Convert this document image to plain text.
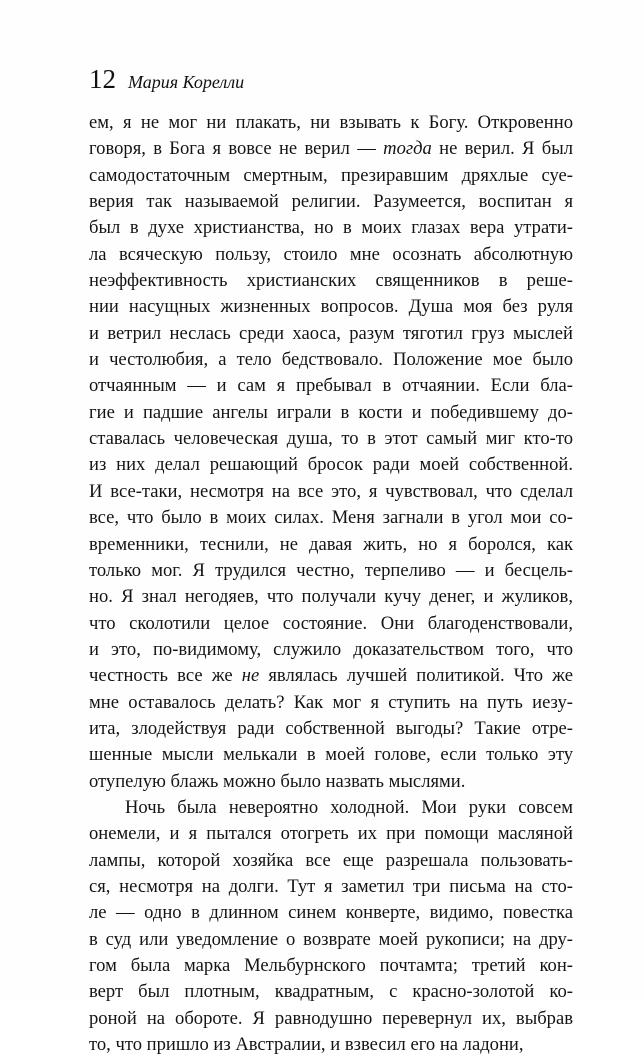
12 Мария Корелли
ем, я не мог ни плакать, ни взывать к Богу. Откровенно
говоря, в Бога я вовсе не верил — тогда не верил. Я был
самодостаточным смертным, презиравшим дряхлые суе-
верия так называемой религии. Разумеется, воспитан я
был в духе христианства, но в моих глазах вера утрати-
ла всяческую пользу, стоило мне осознать абсолютную
неэффективность христианских священников в реше-
нии насущных жизненных вопросов. Душа моя без руля
и ветрил неслась среди хаоса, разум тяготил груз мыслей
и честолюбия, а тело бедствовало. Положение мое было
отчаянным — и сам я пребывал в отчаянии. Если бла-
гие и падшие ангелы играли в кости и победившему до-
ставалась человеческая душа, то в этот самый миг кто-то
из них делал решающий бросок ради моей собственной.
И все-таки, несмотря на все это, я чувствовал, что сделал
все, что было в моих силах. Меня загнали в угол мои со-
временники, теснили, не давая жить, но я боролся, как
только мог. Я трудился честно, терпеливо — и бесцель-
но. Я знал негодяев, что получали кучу денег, и жуликов,
что сколотили целое состояние. Они благоденствовали,
и это, по-видимому, служило доказательством того, что
честность все же не являлась лучшей политикой. Что же
мне оставалось делать? Как мог я ступить на путь иезу-
ита, злодействуя ради собственной выгоды? Такие отре-
шенные мысли мелькали в моей голове, если только эту
отупелую блажь можно было назвать мыслями.
Ночь была невероятно холодной. Мои руки совсем
онемели, и я пытался отогреть их при помощи масляной
лампы, которой хозяйка все еще разрешала пользовать-
ся, несмотря на долги. Тут я заметил три письма на сто-
ле — одно в длинном синем конверте, видимо, повестка
в суд или уведомление о возврате моей рукописи; на дру-
гом была марка Мельбурнского почтамта; третий кон-
верт был плотным, квадратным, с красно-золотой ко-
роной на обороте. Я равнодушно перевернул их, выбрав
то, что пришло из Австралии, и взвесил его на ладони,
